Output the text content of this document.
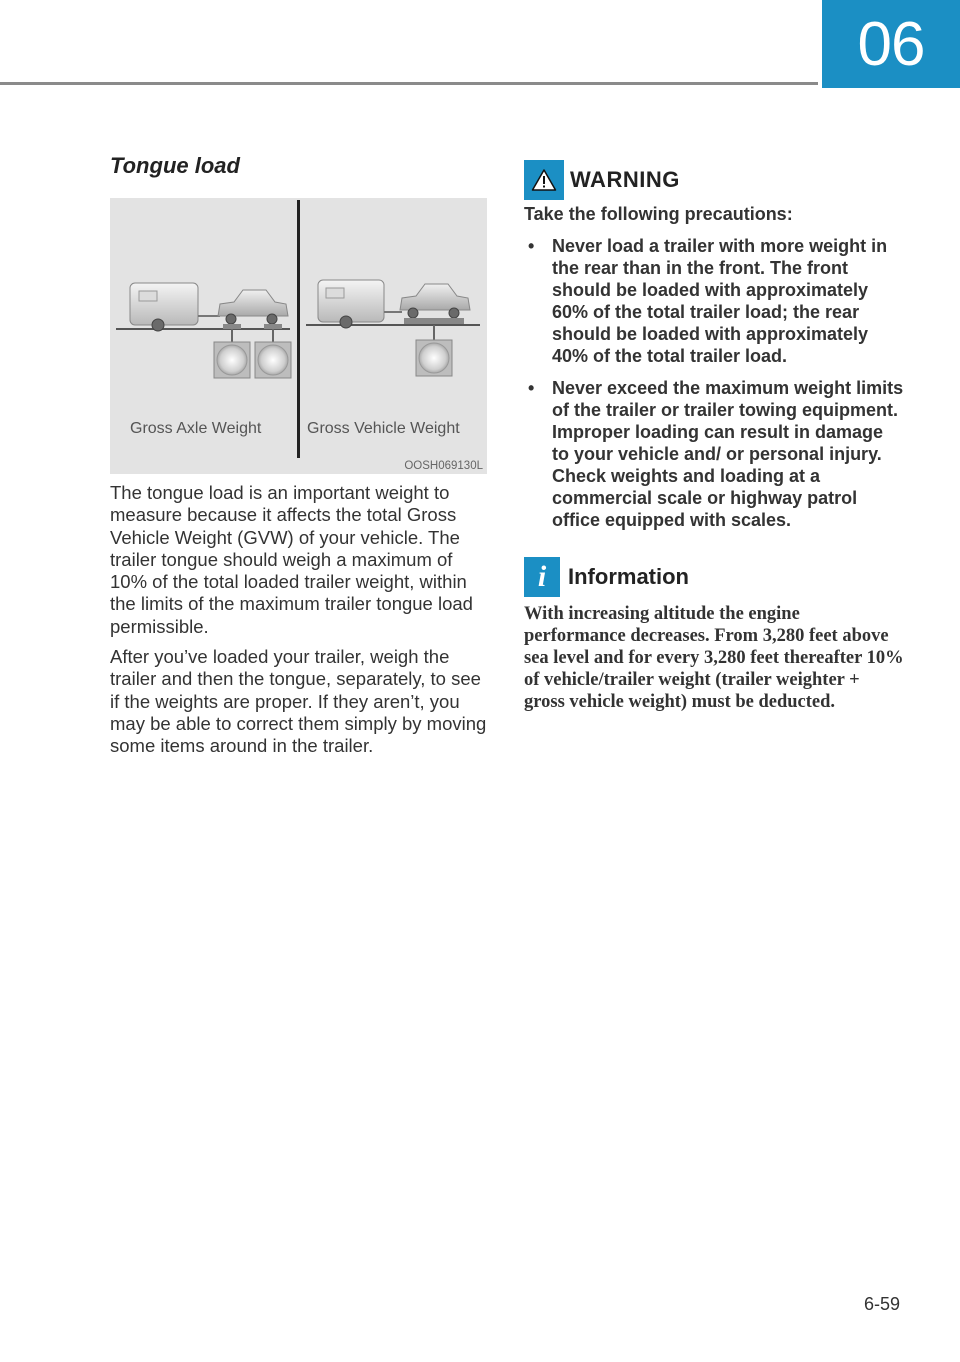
06
Tongue load
Gross Axle Weight	Gross Vehicle Weight
OOSH069130L

The tongue load is an important weight to measure because it affects the total Gross Vehicle Weight (GVW) of your vehicle. The trailer tongue should weigh a maximum of 10% of the total loaded trailer weight, within the limits of the maximum trailer tongue load permissible.

After you’ve loaded your trailer, weigh the trailer and then the tongue, separately, to see if the weights are proper. If they aren’t, you may be able to correct them simply by moving some items around in the trailer.

WARNING
Take the following precautions:
• Never load a trailer with more weight in the rear than in the front. The front should be loaded with approximately 60% of the total trailer load; the rear should be loaded with approximately 40% of the total trailer load.
• Never exceed the maximum weight limits of the trailer or trailer towing equipment. Improper loading can result in damage to your vehicle and/ or personal injury. Check weights and loading at a commercial scale or highway patrol office equipped with scales.
i Information
With increasing altitude the engine performance decreases. From 3,280 feet above sea level and for every 3,280 feet thereafter 10% of vehicle/trailer weight (trailer weighter + gross vehicle weight) must be deducted.
6-59
